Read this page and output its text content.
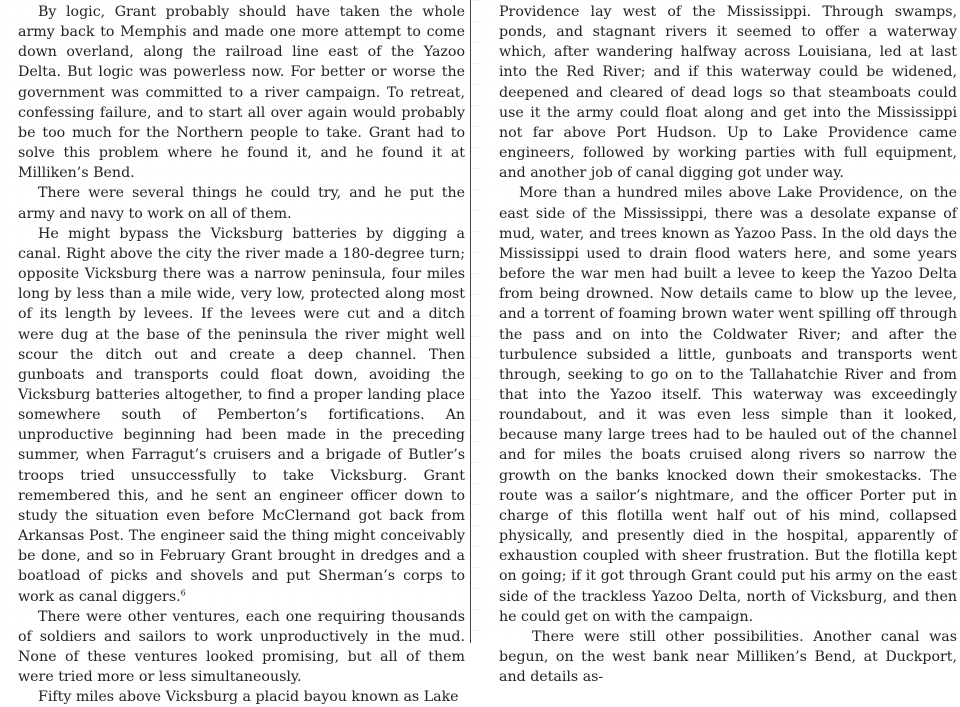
By logic, Grant probably should have taken the whole army back to Memphis and made one more attempt to come down overland, along the railroad line east of the Yazoo Delta. But logic was powerless now. For better or worse the government was committed to a river campaign. To retreat, confessing failure, and to start all over again would probably be too much for the Northern people to take. Grant had to solve this problem where he found it, and he found it at Milliken’s Bend.

There were several things he could try, and he put the army and navy to work on all of them.

He might bypass the Vicksburg batteries by digging a canal. Right above the city the river made a 180-degree turn; opposite Vicksburg there was a narrow peninsula, four miles long by less than a mile wide, very low, protected along most of its length by levees. If the levees were cut and a ditch were dug at the base of the peninsula the river might well scour the ditch out and create a deep channel. Then gunboats and transports could float down, avoiding the Vicksburg batteries altogether, to find a proper landing place somewhere south of Pemberton’s fortifications. An unproductive beginning had been made in the preceding summer, when Farragut’s cruisers and a brigade of Butler’s troops tried unsuccessfully to take Vicksburg. Grant remembered this, and he sent an engineer officer down to study the situation even before McClernand got back from Arkansas Post. The engineer said the thing might conceivably be done, and so in February Grant brought in dredges and a boatload of picks and shovels and put Sherman’s corps to work as canal diggers.$^6$

There were other ventures, each one requiring thousands of soldiers and sailors to work unproductively in the mud. None of these ventures looked promising, but all of them were tried more or less simultaneously.

Fifty miles above Vicksburg a placid bayou known as Lake

Providence lay west of the Mississippi. Through swamps, ponds, and stagnant rivers it seemed to offer a waterway which, after wandering halfway across Louisiana, led at last into the Red River; and if this waterway could be widened, deepened and cleared of dead logs so that steamboats could use it the army could float along and get into the Mississippi not far above Port Hudson. Up to Lake Providence came engineers, followed by working parties with full equipment, and another job of canal digging got under way.

More than a hundred miles above Lake Providence, on the east side of the Mississippi, there was a desolate expanse of mud, water, and trees known as Yazoo Pass. In the old days the Mississippi used to drain flood waters here, and some years before the war men had built a levee to keep the Yazoo Delta from being drowned. Now details came to blow up the levee, and a torrent of foaming brown water went spilling off through the pass and on into the Coldwater River; and after the turbulence subsided a little, gunboats and transports went through, seeking to go on to the Tallahatchie River and from that into the Yazoo itself. This waterway was exceedingly roundabout, and it was even less simple than it looked, because many large trees had to be hauled out of the channel and for miles the boats cruised along rivers so narrow the growth on the banks knocked down their smokestacks. The route was a sailor’s nightmare, and the officer Porter put in charge of this flotilla went half out of his mind, collapsed physically, and presently died in the hospital, apparently of exhaustion coupled with sheer frustration. But the flotilla kept on going; if it got through Grant could put his army on the east side of the trackless Yazoo Delta, north of Vicksburg, and then he could get on with the campaign.

There were still other possibilities. Another canal was begun, on the west bank near Milliken’s Bend, at Duckport, and details as-
